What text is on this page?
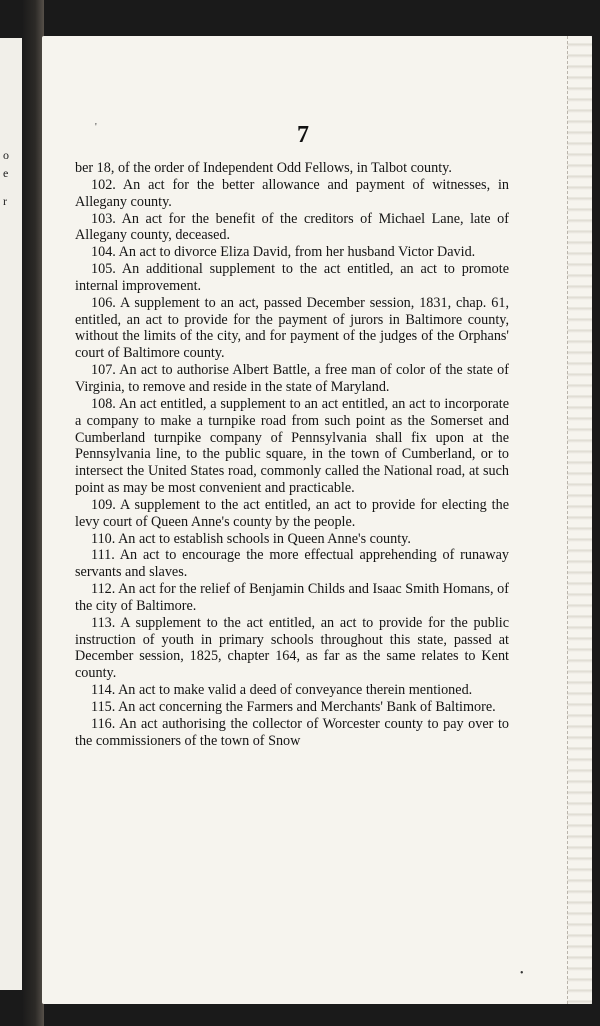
o
e
r
7

ber 18, of the order of Independent Odd Fellows, in Talbot county.

102. An act for the better allowance and payment of witnesses, in Allegany county.

103. An act for the benefit of the creditors of Michael Lane, late of Allegany county, deceased.

104. An act to divorce Eliza David, from her husband Victor David.

105. An additional supplement to the act entitled, an act to promote internal improvement.

106. A supplement to an act, passed December session, 1831, chap. 61, entitled, an act to provide for the payment of jurors in Baltimore county, without the limits of the city, and for payment of the judges of the Orphans' court of Baltimore county.

107. An act to authorise Albert Battle, a free man of color of the state of Virginia, to remove and reside in the state of Maryland.

108. An act entitled, a supplement to an act entitled, an act to incorporate a company to make a turnpike road from such point as the Somerset and Cumberland turnpike company of Pennsylvania shall fix upon at the Pennsylvania line, to the public square, in the town of Cumberland, or to intersect the United States road, commonly called the National road, at such point as may be most convenient and practicable.

109. A supplement to the act entitled, an act to provide for electing the levy court of Queen Anne's county by the people.

110. An act to establish schools in Queen Anne's county.

111. An act to encourage the more effectual apprehending of runaway servants and slaves.

112. An act for the relief of Benjamin Childs and Isaac Smith Homans, of the city of Baltimore.

113. A supplement to the act entitled, an act to provide for the public instruction of youth in primary schools throughout this state, passed at December session, 1825, chapter 164, as far as the same relates to Kent county.

114. An act to make valid a deed of conveyance therein mentioned.

115. An act concerning the Farmers and Merchants' Bank of Baltimore.

116. An act authorising the collector of Worcester county to pay over to the commissioners of the town of Snow

'
•
